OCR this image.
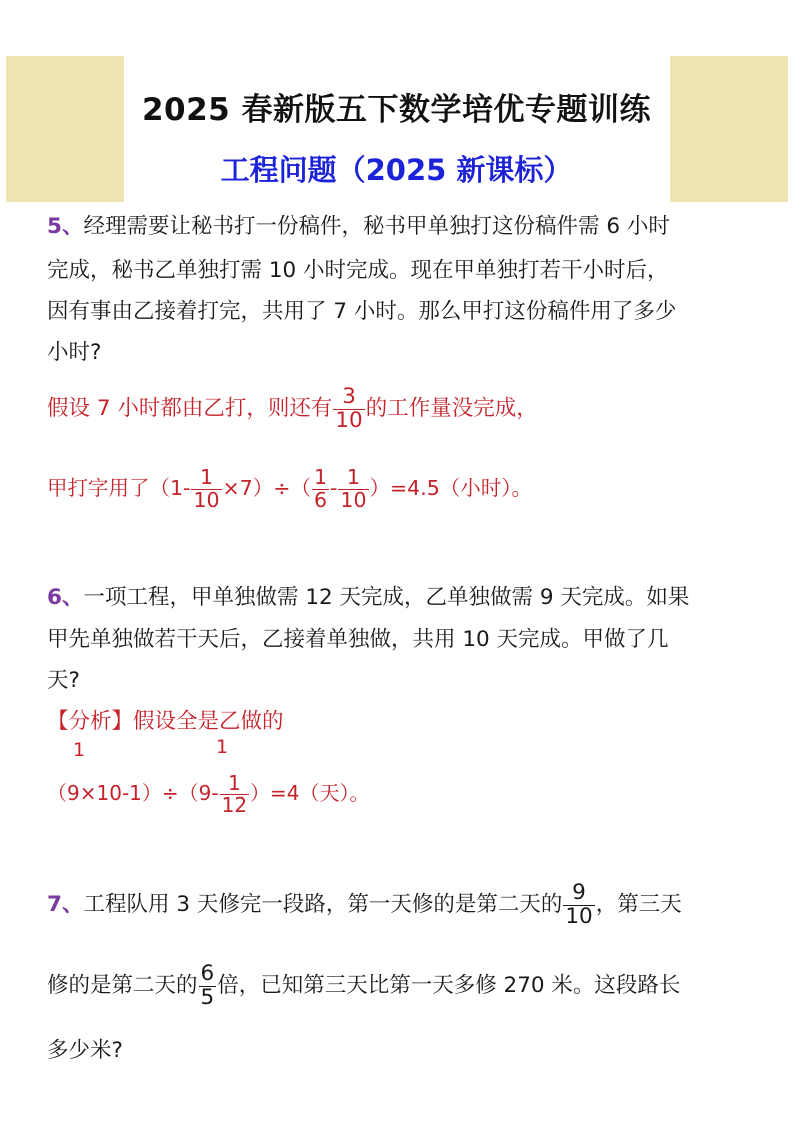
2025 春新版五下数学培优专题训练
工程问题（2025 新课标）
5、经理需要让秘书打一份稿件，秘书甲单独打这份稿件需 6 小时
完成，秘书乙单独打需 10 小时完成。现在甲单独打若干小时后，
因有事由乙接着打完，共用了 7 小时。那么甲打这份稿件用了多少
小时?
假设 7 小时都由乙打，则还有 $\frac{3}{10}$ 的工作量没完成，
甲打字用了$(1- \frac{1}{10} \times 7)\div( \frac{1}{6} - \frac{1}{10} )=4.5$（小时）。
6、一项工程，甲单独做需 12 天完成，乙单独做需 9 天完成。如果
甲先单独做若干天后，乙接着单独做，共用 10 天完成。甲做了几
天?
【分析】假设全是乙做的
1	1
$(9\times 10-1)\div(9- \frac{1}{12} )=4$（天）。
7、工程队用 3 天修完一段路，第一天修的是第二天的 $\frac{9}{10}$ ，第三天
修的是第二天的 $\frac{6}{5}$ 倍，已知第三天比第一天多修 270 米。这段路长
多少米?
